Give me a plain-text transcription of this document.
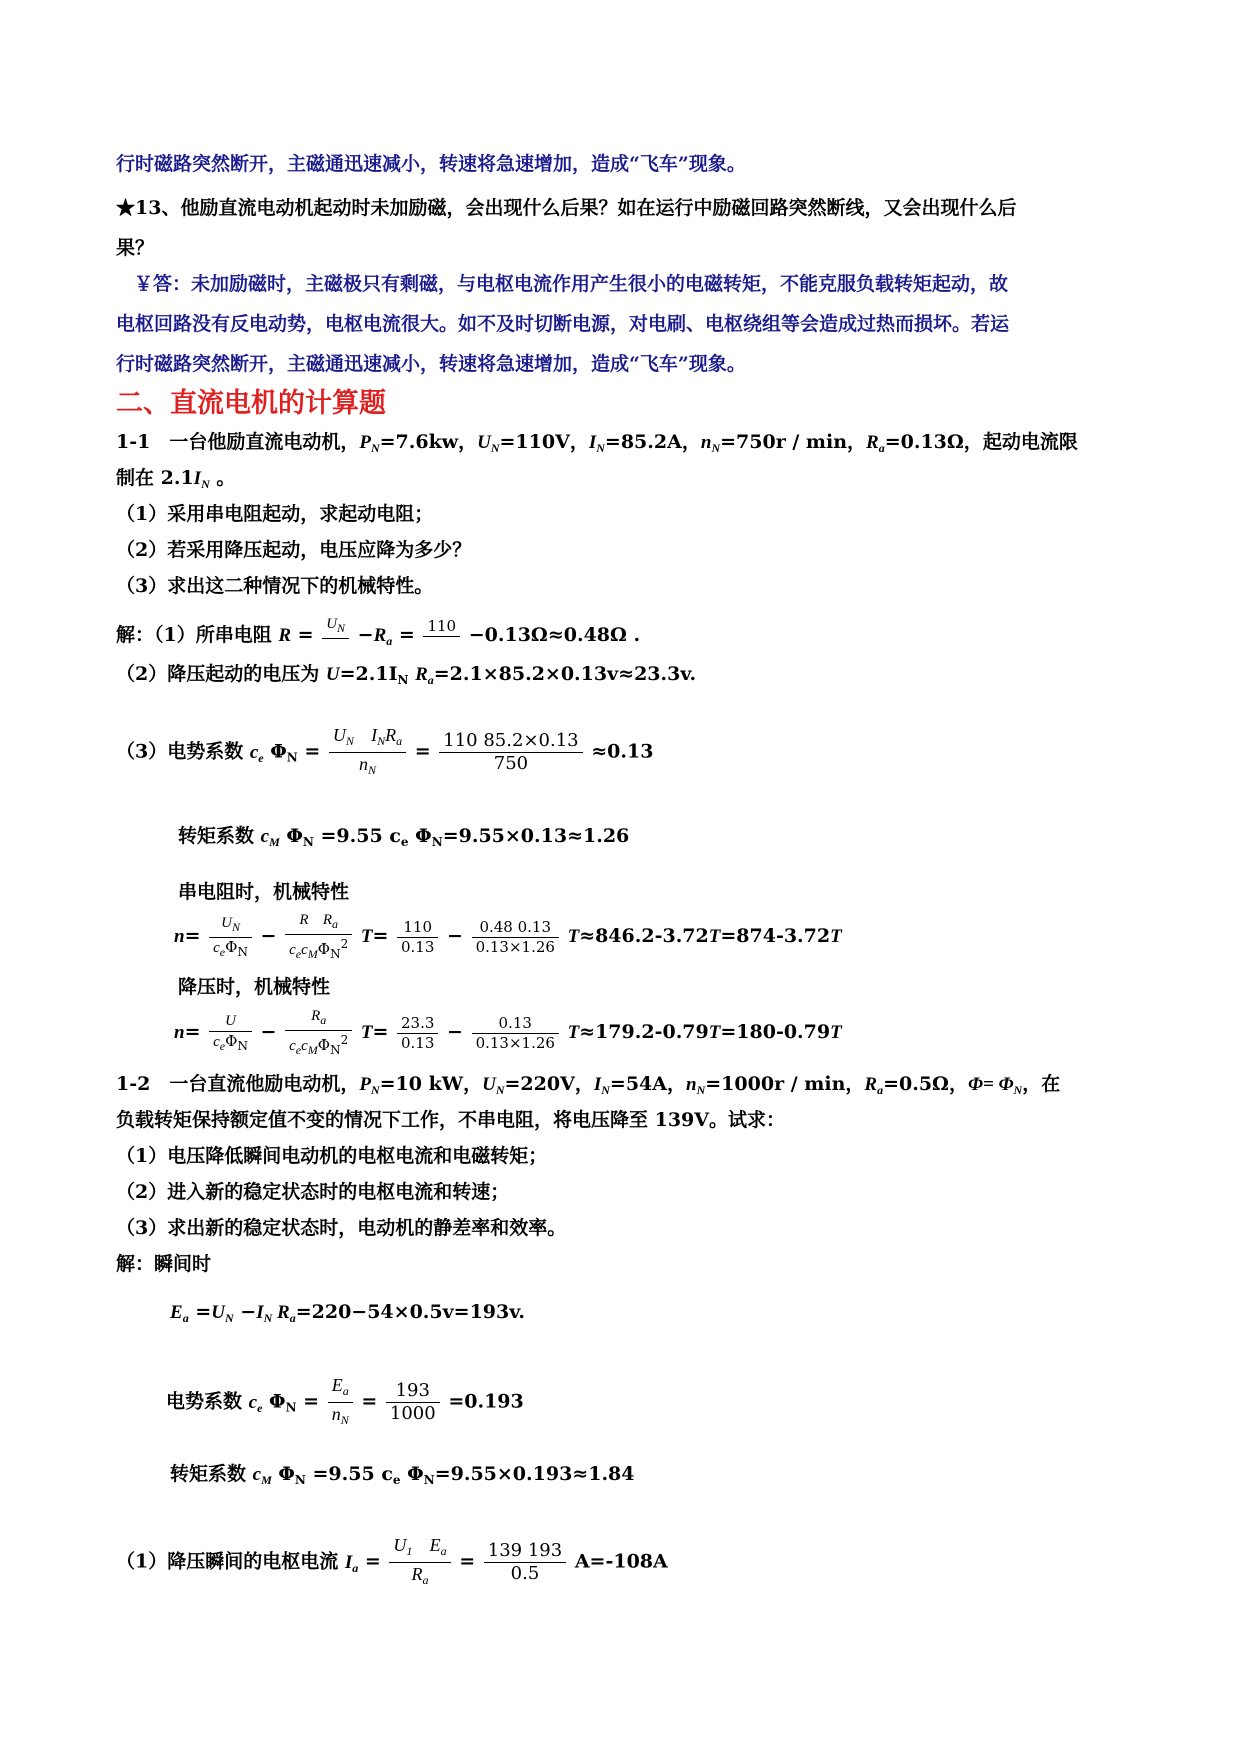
行时磁路突然断开，主磁通迅速减小，转速将急速增加，造成“飞车”现象。
★13、他励直流电动机起动时未加励磁，会出现什么后果？如在运行中励磁回路突然断线，又会出现什么后
果？
￥答：未加励磁时，主磁极只有剩磁，与电枢电流作用产生很小的电磁转矩，不能克服负载转矩起动，故
电枢回路没有反电动势，电枢电流很大。如不及时切断电源，对电刷、电枢绕组等会造成过热而损坏。若运
行时磁路突然断开，主磁通迅速减小，转速将急速增加，造成“飞车”现象。
二、直流电机的计算题
1-1　一台他励直流电动机，$P_N=7.6kw$，$U_N=110V$，$I_N=85.2A$，$n_N=750r / \min$，$R_a=0.13\Omega$，起动电流限
制在 $2.1I_N$ 。
（1）采用串电阻起动，求起动电阻；
（2）若采用降压起动，电压应降为多少？
（3）求出这二种情况下的机械特性。
解：（1）所串电阻 $R = U_N$
$-R_a = 110$
−0.13Ω≈0.48Ω .
（2）降压起动的电压为 $U=2.1I_N$ $R_a=2.1\times 85.2\times 0.13v\approx 23.3v$.
（3）电势系数 $c_e$ $\Phi_N = \frac{U_N I_NR_a}{n_N} = \frac{110 85.2\times 0.13}{750} \approx 0.13$
转矩系数 $c_M$ $\Phi_N =9.55$ $c_e$ $\Phi_N=9.55\times 0.13\approx 1.26$
串电阻时，机械特性
$n= \frac{U_N}{c_e\Phi_N} - \frac{R R_a}{c_ec_M\Phi_N^2} T= \frac{110}{0.13} - \frac{0.48 0.13}{0.13\times 1.26} T\approx 846.2-3.72T=874-3.72T$
降压时，机械特性
$n= \frac{U}{c_e\Phi_N} - \frac{R_a}{c_ec_M\Phi_N^2} T= \frac{23.3}{0.13} - \frac{0.13}{0.13\times 1.26} T\approx 179.2-0.79T=180-0.79T$
1-2　一台直流他励电动机，$P_N=10$ kW，$U_N=220V$，$I_N=54A$，$n_N=1000r / \min$，$R_a=0.5\Omega$，$\Phi= \Phi_N$，在
负载转矩保持额定值不变的情况下工作，不串电阻，将电压降至 139V。试求：
（1）电压降低瞬间电动机的电枢电流和电磁转矩；
（2）进入新的稳定状态时的电枢电流和转速；
（3）求出新的稳定状态时，电动机的静差率和效率。
解：瞬间时
$E_a =U_N -I_N$ $R_a=220-54\times 0.5v=193v$.
电势系数 $c_e$ $\Phi_N = \frac{E_a}{n_N} = \frac{193}{1000} =0.193$
转矩系数 $c_M$ $\Phi_N =9.55$ $c_e$ $\Phi_N=9.55\times 0.193\approx 1.84$
（1）降压瞬间的电枢电流 $I_a = \frac{U_1 E_a}{R_a} = \frac{139 193}{0.5} A=-108A$
